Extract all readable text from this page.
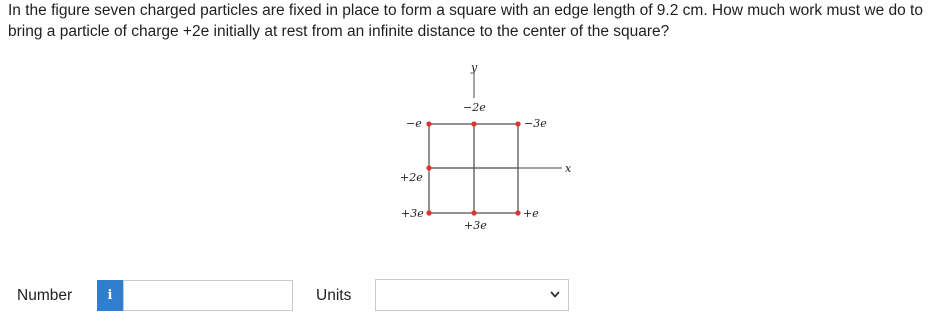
In the figure seven charged particles are fixed in place to form a square with an edge length of 9.2 cm. How much work must we do to bring a particle of charge +2e initially at rest from an infinite distance to the center of the square?
y
x
−e
−2e
−3e
+2e
+3e
+3e
+e
Number	i	Units
